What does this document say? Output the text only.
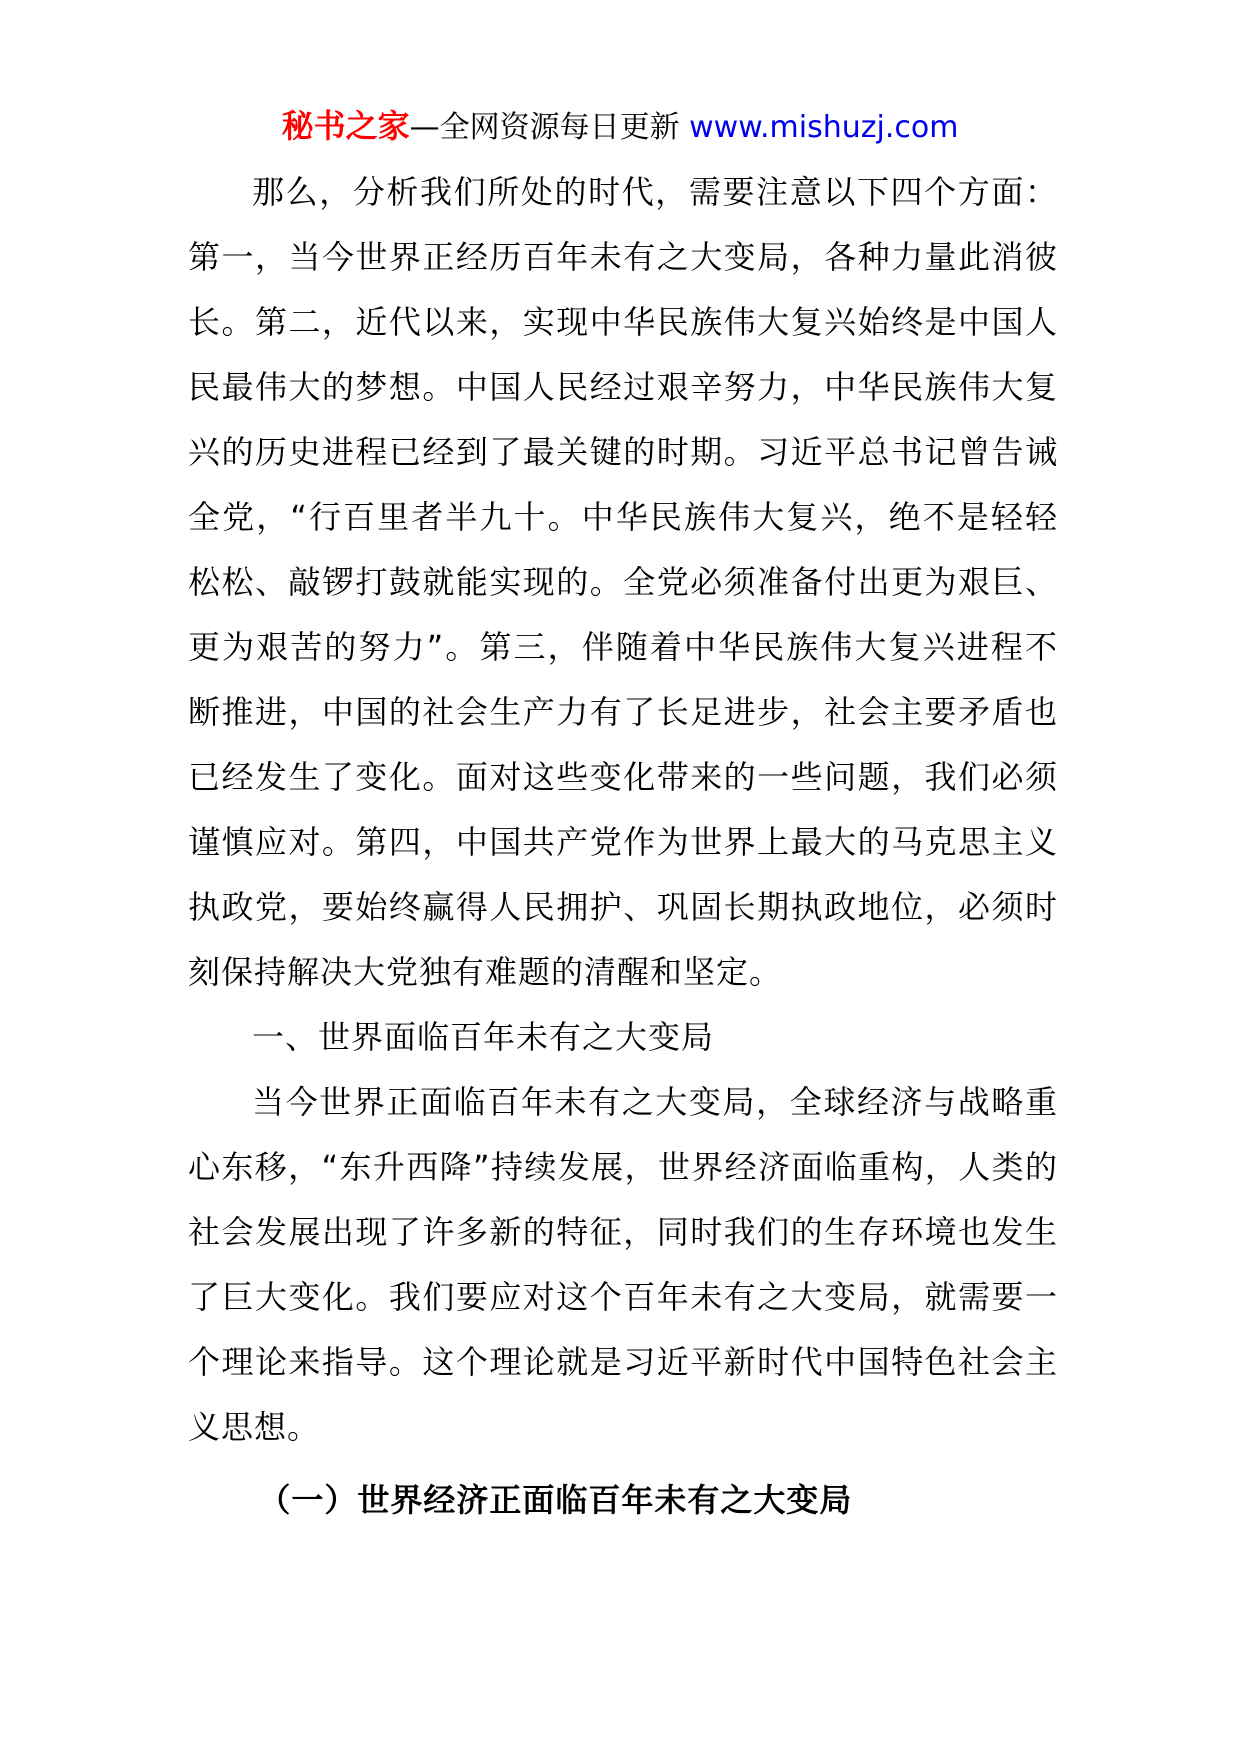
秘书之家—全网资源每日更新 www.mishuzj.com

那么，分析我们所处的时代，需要注意以下四个方面：第一，当今世界正经历百年未有之大变局，各种力量此消彼长。第二，近代以来，实现中华民族伟大复兴始终是中国人民最伟大的梦想。中国人民经过艰辛努力，中华民族伟大复兴的历史进程已经到了最关键的时期。习近平总书记曾告诫全党，“行百里者半九十。中华民族伟大复兴，绝不是轻轻松松、敲锣打鼓就能实现的。全党必须准备付出更为艰巨、更为艰苦的努力”。第三，伴随着中华民族伟大复兴进程不断推进，中国的社会生产力有了长足进步，社会主要矛盾也已经发生了变化。面对这些变化带来的一些问题，我们必须谨慎应对。第四，中国共产党作为世界上最大的马克思主义执政党，要始终赢得人民拥护、巩固长期执政地位，必须时刻保持解决大党独有难题的清醒和坚定。

一、世界面临百年未有之大变局

当今世界正面临百年未有之大变局，全球经济与战略重心东移，“东升西降”持续发展，世界经济面临重构，人类的社会发展出现了许多新的特征，同时我们的生存环境也发生了巨大变化。我们要应对这个百年未有之大变局，就需要一个理论来指导。这个理论就是习近平新时代中国特色社会主义思想。

（一）世界经济正面临百年未有之大变局
